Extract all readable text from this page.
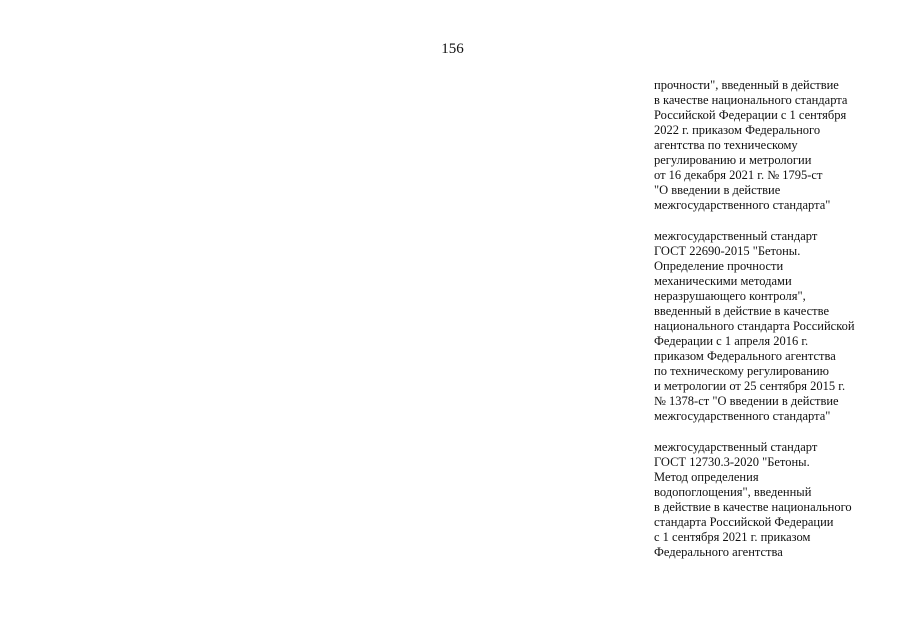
156

прочности", введенный в действие
в качестве национального стандарта
Российской Федерации с 1 сентября
2022 г. приказом Федерального
агентства по техническому
регулированию и метрологии
от 16 декабря 2021 г. № 1795-ст
"О введении в действие
межгосударственного стандарта"

межгосударственный стандарт
ГОСТ 22690-2015 "Бетоны.
Определение прочности
механическими методами
неразрушающего контроля",
введенный в действие в качестве
национального стандарта Российской
Федерации с 1 апреля 2016 г.
приказом Федерального агентства
по техническому регулированию
и метрологии от 25 сентября 2015 г.
№ 1378-ст "О введении в действие
межгосударственного стандарта"

межгосударственный стандарт
ГОСТ 12730.3-2020 "Бетоны.
Метод определения
водопоглощения", введенный
в действие в качестве национального
стандарта Российской Федерации
с 1 сентября 2021 г. приказом
Федерального агентства
